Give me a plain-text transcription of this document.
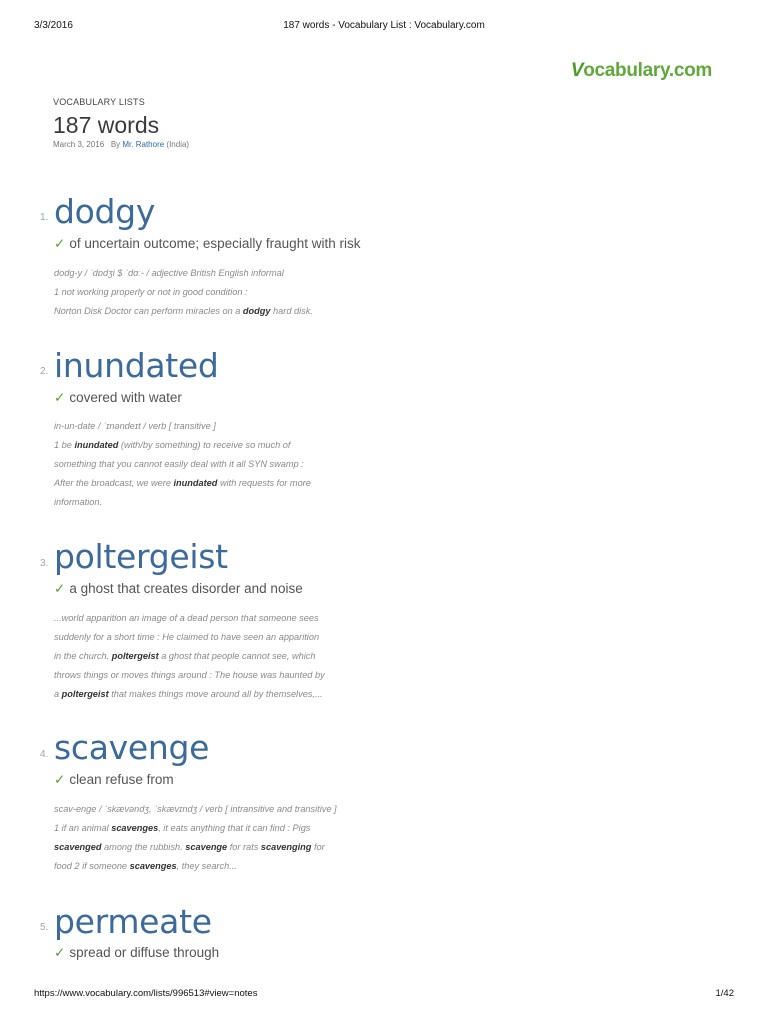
3/3/2016	187 words - Vocabulary List : Vocabulary.com
Vocabulary.com
VOCABULARY LISTS
187 words
March 3, 2016 By Mr. Rathore (India)
1. dodgy
✓ of uncertain outcome; especially fraught with risk
dodg-y / ˈdɒdʒi $ ˈdɑː- / adjective British English informal
1 not working properly or not in good condition :
Norton Disk Doctor can perform miracles on a dodgy hard disk.
2. inundated
✓ covered with water
in-un-date / ˈɪnəndeɪt / verb [ transitive ]
1 be inundated (with/by something) to receive so much of
something that you cannot easily deal with it all SYN swamp :
After the broadcast, we were inundated with requests for more
information.
3. poltergeist
✓ a ghost that creates disorder and noise
...world apparition an image of a dead person that someone sees
suddenly for a short time : He claimed to have seen an apparition
in the church. poltergeist a ghost that people cannot see, which
throws things or moves things around : The house was haunted by
a poltergeist that makes things move around all by themselves,...
4. scavenge
✓ clean refuse from
scav-enge / ˈskævəndʒ, ˈskævɪndʒ / verb [ intransitive and transitive ]
1 if an animal scavenges, it eats anything that it can find : Pigs
scavenged among the rubbish. scavenge for rats scavenging for
food 2 if someone scavenges, they search...
5. permeate
✓ spread or diffuse through
https://www.vocabulary.com/lists/996513#view=notes	1/42
